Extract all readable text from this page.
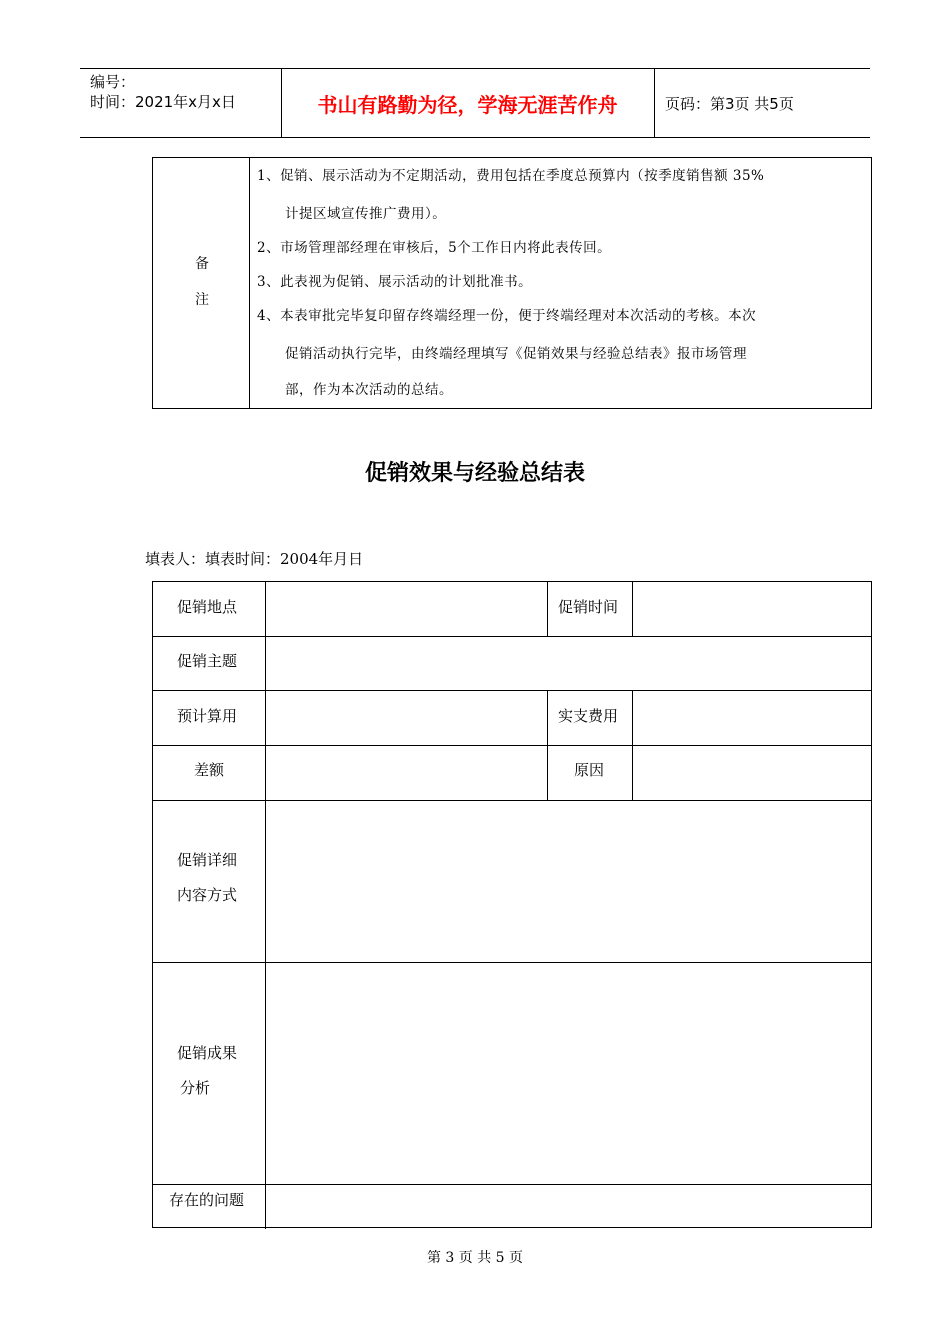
编号：
时间：2021年x月x日	书山有路勤为径，学海无涯苦作舟	页码：第3页 共5页
备
注
1、促销、展示活动为不定期活动，费用包括在季度总预算内（按季度销售额 35%
计提区域宣传推广费用）。
2、市场管理部经理在审核后，5个工作日内将此表传回。
3、此表视为促销、展示活动的计划批准书。
4、本表审批完毕复印留存终端经理一份，便于终端经理对本次活动的考核。本次
促销活动执行完毕，由终端经理填写《促销效果与经验总结表》报市场管理
部，作为本次活动的总结。
促销效果与经验总结表
填表人：填表时间：2004年月日
促销地点	促销时间
促销主题
预计算用	实支费用
差额	原因
促销详细
内容方式
促销成果
分析
存在的问题
第 3 页 共 5 页
